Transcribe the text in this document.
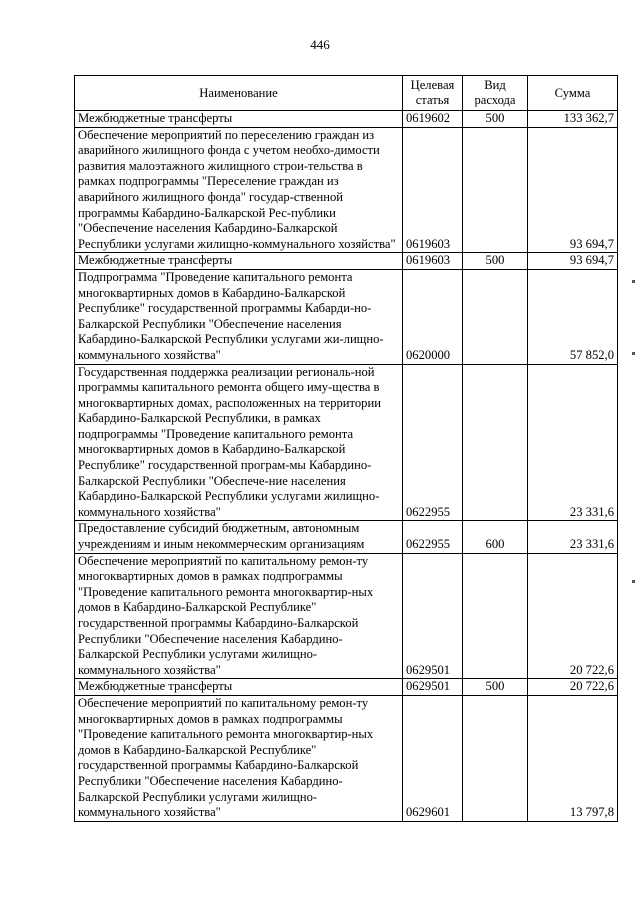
446
Наименование	Целевая статья	Вид расхода	Сумма
Межбюджетные трансферты	0619602	500	133 362,7
Обеспечение мероприятий по переселению граждан из аварийного жилищного фонда с учетом необхо-димости развития малоэтажного жилищного строи-тельства в рамках подпрограммы "Переселение граждан из аварийного жилищного фонда" государ-ственной программы Кабардино-Балкарской Рес-публики "Обеспечение населения Кабардино-Балкарской Республики услугами жилищно-коммунального хозяйства"	0619603		93 694,7
Межбюджетные трансферты	0619603	500	93 694,7
Подпрограмма "Проведение капитального ремонта многоквартирных домов в Кабардино-Балкарской Республике" государственной программы Кабарди-но-Балкарской Республики "Обеспечение населения Кабардино-Балкарской Республики услугами жи-лищно-коммунального хозяйства"	0620000		57 852,0
Государственная поддержка реализации региональ-ной программы капитального ремонта общего иму-щества в многоквартирных домах, расположенных на территории Кабардино-Балкарской Республики, в рамках подпрограммы "Проведение капитального ремонта многоквартирных домов в Кабардино-Балкарской Республике" государственной програм-мы Кабардино-Балкарской Республики "Обеспече-ние населения Кабардино-Балкарской Республики услугами жилищно-коммунального хозяйства"	0622955		23 331,6
Предоставление субсидий бюджетным, автономным учреждениям и иным некоммерческим организациям	0622955	600	23 331,6
Обеспечение мероприятий по капитальному ремон-ту многоквартирных домов в рамках подпрограммы "Проведение капитального ремонта многоквартир-ных домов в Кабардино-Балкарской Республике" государственной программы Кабардино-Балкарской Республики "Обеспечение населения Кабардино-Балкарской Республики услугами жилищно-коммунального хозяйства"	0629501		20 722,6
Межбюджетные трансферты	0629501	500	20 722,6
Обеспечение мероприятий по капитальному ремон-ту многоквартирных домов в рамках подпрограммы "Проведение капитального ремонта многоквартир-ных домов в Кабардино-Балкарской Республике" государственной программы Кабардино-Балкарской Республики "Обеспечение населения Кабардино-Балкарской Республики услугами жилищно-коммунального хозяйства"	0629601		13 797,8
